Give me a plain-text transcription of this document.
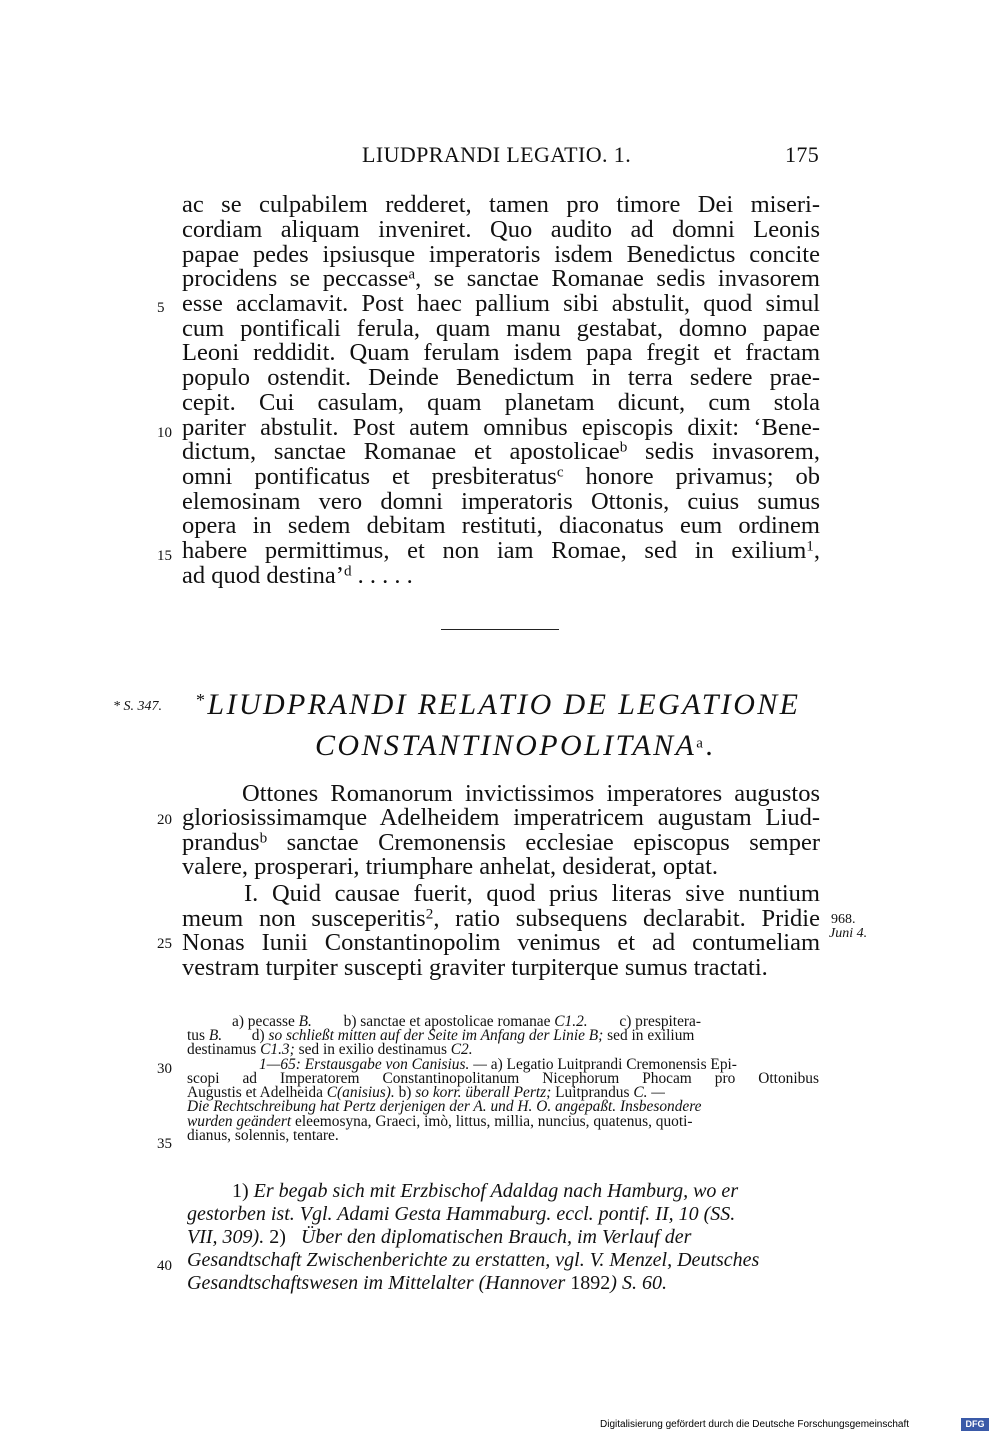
LIUDPRANDI LEGATIO. 1.	175
ac se culpabilem redderet, tamen pro timore Dei miseri-
cordiam aliquam inveniret. Quo audito ad domni Leonis
papae pedes ipsiusque imperatoris isdem Benedictus concite
procidens se peccasse$^a$, se sanctae Romanae sedis invasorem
esse acclamavit. Post haec pallium sibi abstulit, quod simul
cum pontificali ferula, quam manu gestabat, domno papae
Leoni reddidit. Quam ferulam isdem papa fregit et fractam
populo ostendit. Deinde Benedictum in terra sedere prae-
cepit. Cui casulam, quam planetam dicunt, cum stola
pariter abstulit. Post autem omnibus episcopis dixit: ‘Bene-
dictum, sanctae Romanae et apostolicae$^b$ sedis invasorem,
omni pontificatus et presbiteratus$^c$ honore privamus; ob
elemosinam vero domni imperatoris Ottonis, cuius sumus
opera in sedem debitam restituti, diaconatus eum ordinem
habere permittimus, et non iam Romae, sed in exilium$^1$,
ad quod destina’$^d$ . . . . .
5
10
15
20
25
30
35
40
* S. 347. *LIUDPRANDI RELATIO DE LEGATIONE
CONSTANTINOPOLITANA$^a$.
Ottones Romanorum invictissimos imperatores augustos
gloriosissimamque Adelheidem imperatricem augustam Liud-
prandus$^b$ sanctae Cremonensis ecclesiae episcopus semper
valere, prosperari, triumphare anhelat, desiderat, optat.
I. Quid causae fuerit, quod prius literas sive nuntium
meum non susceperitis$^2$, ratio subsequens declarabit. Pridie
Nonas Iunii Constantinopolim venimus et ad contumeliam
vestram turpiter suscepti graviter turpiterque sumus tractati.
968.
Juni 4.
a) pecasse B. b) sanctae et apostolicae romanae C1.2. c) prespitera-
tus B. d) so schließt mitten auf der Seite im Anfang der Linie B; sed in exilium
destinamus C1.3; sed in exilio destinamus C2.
1—65: Erstausgabe von Canisius. — a) Legatio Luitprandi Cremonensis Epi-
scopi ad Imperatorem Constantinopolitanum Nicephorum Phocam pro Ottonibus
Augustis et Adelheida C(anisius). b) so korr. überall Pertz; Luitprandus C. —
Die Rechtschreibung hat Pertz derjenigen der A. und H. O. angepaßt. Insbesondere
wurden geändert eleemosyna, Graeci, imò, littus, millia, nuncius, quatenus, quoti-
dianus, solennis, tentare.
1) Er begab sich mit Erzbischof Adaldag nach Hamburg, wo er
gestorben ist. Vgl. Adami Gesta Hammaburg. eccl. pontif. II, 10 (SS.
VII, 309). 2) Über den diplomatischen Brauch, im Verlauf der
Gesandtschaft Zwischenberichte zu erstatten, vgl. V. Menzel, Deutsches
Gesandtschaftswesen im Mittelalter (Hannover 1892) S. 60.
Digitalisierung gefördert durch die Deutsche Forschungsgemeinschaft	DFG
